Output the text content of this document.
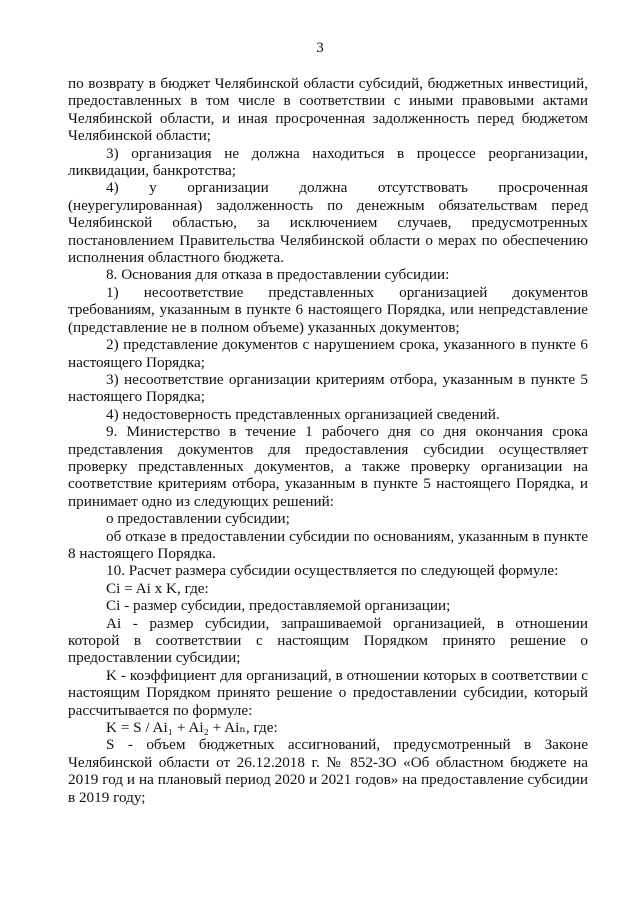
3

по возврату в бюджет Челябинской области субсидий, бюджетных инвестиций, предоставленных в том числе в соответствии с иными правовыми актами Челябинской области, и иная просроченная задолженность перед бюджетом Челябинской области;

3) организация не должна находиться в процессе реорганизации, ликвидации, банкротства;

4) у организации должна отсутствовать просроченная (неурегулированная) задолженность по денежным обязательствам перед Челябинской областью, за исключением случаев, предусмотренных постановлением Правительства Челябинской области о мерах по обеспечению исполнения областного бюджета.

8. Основания для отказа в предоставлении субсидии:

1) несоответствие представленных организацией документов требованиям, указанным в пункте 6 настоящего Порядка, или непредставление (представление не в полном объеме) указанных документов;

2) представление документов с нарушением срока, указанного в пункте 6 настоящего Порядка;

3) несоответствие организации критериям отбора, указанным в пункте 5 настоящего Порядка;

4) недостоверность представленных организацией сведений.

9. Министерство в течение 1 рабочего дня со дня окончания срока представления документов для предоставления субсидии осуществляет проверку представленных документов, а также проверку организации на соответствие критериям отбора, указанным в пункте 5 настоящего Порядка, и принимает одно из следующих решений:

о предоставлении субсидии;

об отказе в предоставлении субсидии по основаниям, указанным в пункте 8 настоящего Порядка.

10. Расчет размера субсидии осуществляется по следующей формуле:

Ci = Ai x K, где:

Ci - размер субсидии, предоставляемой организации;

Ai - размер субсидии, запрашиваемой организацией, в отношении которой в соответствии с настоящим Порядком принято решение о предоставлении субсидии;

K - коэффициент для организаций, в отношении которых в соответствии с настоящим Порядком принято решение о предоставлении субсидии, который рассчитывается по формуле:

K = S / Ai₁ + Ai₂ + Aiₙ, где:

S - объем бюджетных ассигнований, предусмотренный в Законе Челябинской области от 26.12.2018 г. № 852-ЗО «Об областном бюджете на 2019 год и на плановый период 2020 и 2021 годов» на предоставление субсидии в 2019 году;
